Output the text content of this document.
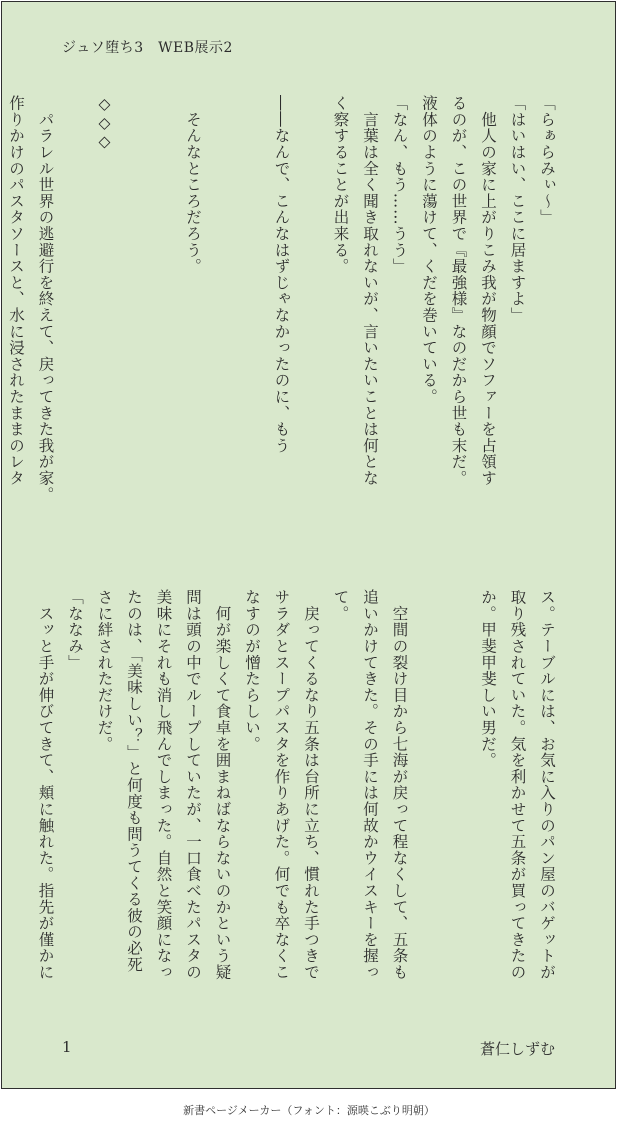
ジュソ堕ち3　WEB展示2
「らぁらみぃ〜」
「はいはい、ここに居ますよ」
　他人の家に上がりこみ我が物顔でソファーを占領す
るのが、この世界で『最強様』なのだから世も末だ。
液体のように蕩けて、くだを巻いている。
「なん、もう……うう」
　言葉は全く聞き取れないが、言いたいことは何とな
く察することが出来る。

――なんで、こんなはずじゃなかったのに、もう

　そんなところだろう。

◇◇◇

　パラレル世界の逃避行を終えて、戻ってきた我が家。
作りかけのパスタソースと、水に浸されたままのレタ
ス。テーブルには、お気に入りのパン屋のバゲットが
取り残されていた。気を利かせて五条が買ってきたの
か。甲斐甲斐しい男だ。

　空間の裂け目から七海が戻って程なくして、五条も
追いかけてきた。その手には何故かウイスキーを握っ
て。
　戻ってくるなり五条は台所に立ち、慣れた手つきで
サラダとスープパスタを作りあげた。何でも卒なくこ
なすのが憎たらしい。
　何が楽しくて食卓を囲まねばならないのかという疑
問は頭の中でループしていたが、一口食べたパスタの
美味にそれも消し飛んでしまった。自然と笑顔になっ
たのは、「美味しい？」と何度も問うてくる彼の必死
さに絆されただけだ。
「ななみ」
　スッと手が伸びてきて、頬に触れた。指先が僅かに
1	蒼仁しずむ
新書ページメーカー（フォント：源暎こぶり明朝）
